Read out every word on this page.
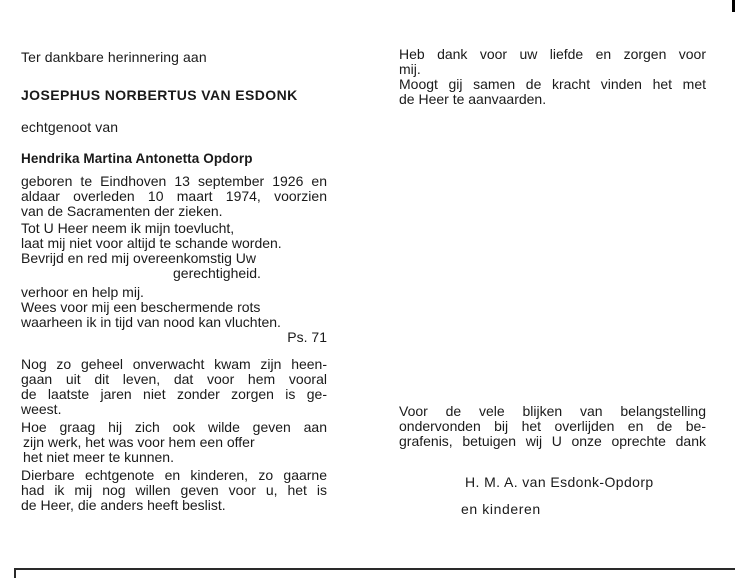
Ter dankbare herinnering aan
JOSEPHUS NORBERTUS VAN ESDONK
echtgenoot van
Hendrika Martina Antonetta Opdorp
geboren te Eindhoven 13 september 1926 en
aldaar overleden 10 maart 1974, voorzien
van de Sacramenten der zieken.
Tot U Heer neem ik mijn toevlucht,
laat mij niet voor altijd te schande worden.
Bevrijd en red mij overeenkomstig Uw
gerechtigheid.
verhoor en help mij.
Wees voor mij een beschermende rots
waarheen ik in tijd van nood kan vluchten.
Ps. 71
Nog zo geheel onverwacht kwam zijn heen-
gaan uit dit leven, dat voor hem vooral
de laatste jaren niet zonder zorgen is ge-
weest.
Hoe graag hij zich ook wilde geven aan
zijn werk, het was voor hem een offer
het niet meer te kunnen.
Dierbare echtgenote en kinderen, zo gaarne
had ik mij nog willen geven voor u, het is
de Heer, die anders heeft beslist.
Heb dank voor uw liefde en zorgen voor
mij.
Moogt gij samen de kracht vinden het met
de Heer te aanvaarden.
Voor de vele blijken van belangstelling
ondervonden bij het overlijden en de be-
grafenis, betuigen wij U onze oprechte dank
H. M. A. van Esdonk-Opdorp
en kinderen
